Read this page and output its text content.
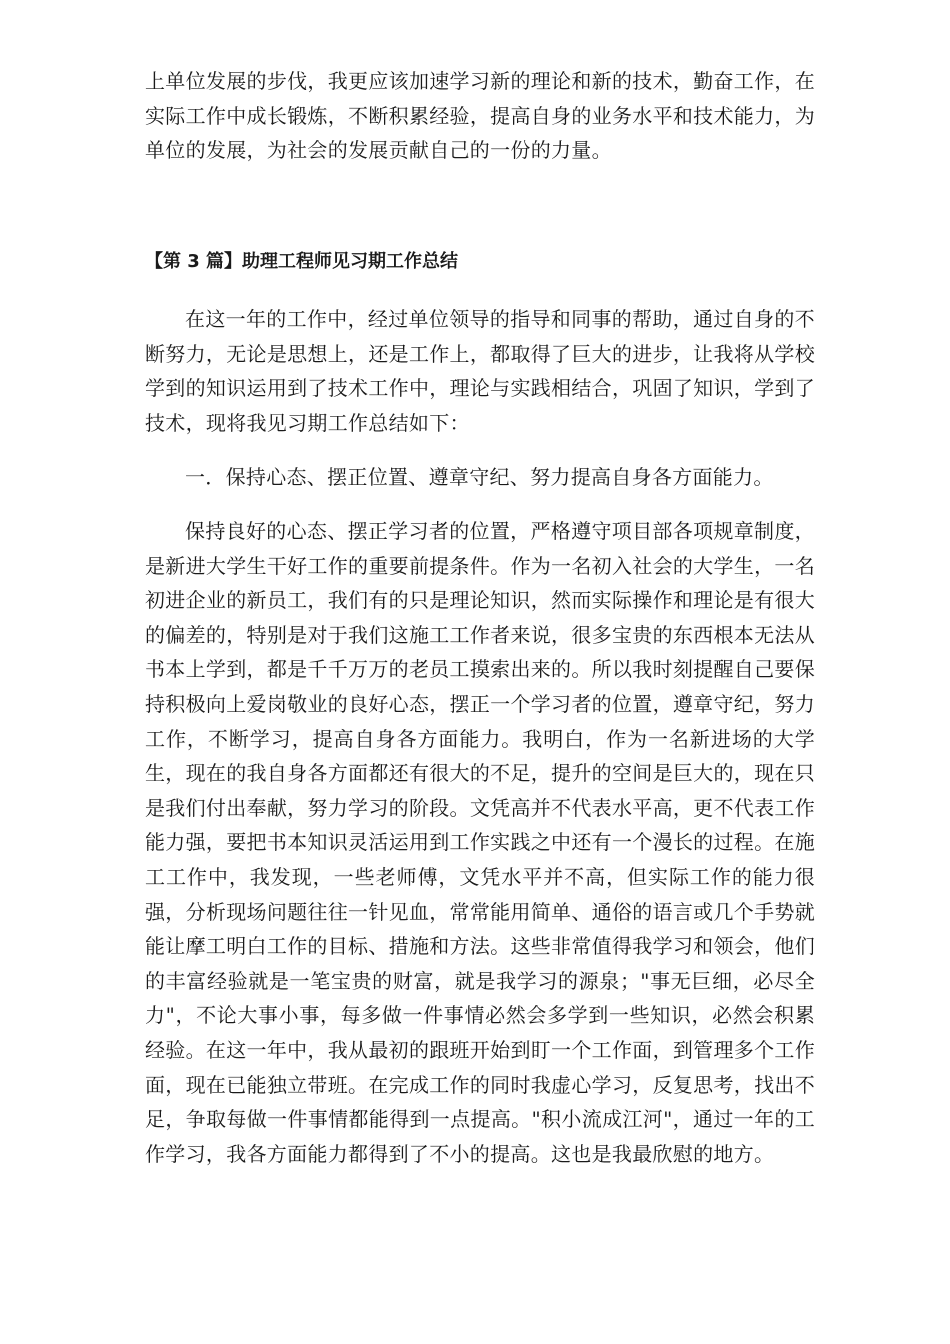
上单位发展的步伐，我更应该加速学习新的理论和新的技术，勤奋工作，在实际工作中成长锻炼，不断积累经验，提高自身的业务水平和技术能力，为单位的发展，为社会的发展贡献自己的一份的力量。

【第 3 篇】助理工程师见习期工作总结

在这一年的工作中，经过单位领导的指导和同事的帮助，通过自身的不断努力，无论是思想上，还是工作上，都取得了巨大的进步，让我将从学校学到的知识运用到了技术工作中，理论与实践相结合，巩固了知识，学到了技术，现将我见习期工作总结如下：

一．保持心态、摆正位置、遵章守纪、努力提高自身各方面能力。

保持良好的心态、摆正学习者的位置，严格遵守项目部各项规章制度，是新进大学生干好工作的重要前提条件。作为一名初入社会的大学生，一名初进企业的新员工，我们有的只是理论知识，然而实际操作和理论是有很大的偏差的，特别是对于我们这施工工作者来说，很多宝贵的东西根本无法从书本上学到，都是千千万万的老员工摸索出来的。所以我时刻提醒自己要保持积极向上爱岗敬业的良好心态，摆正一个学习者的位置，遵章守纪，努力工作，不断学习，提高自身各方面能力。我明白，作为一名新进场的大学生，现在的我自身各方面都还有很大的不足，提升的空间是巨大的，现在只是我们付出奉献，努力学习的阶段。文凭高并不代表水平高，更不代表工作能力强，要把书本知识灵活运用到工作实践之中还有一个漫长的过程。在施工工作中，我发现，一些老师傅，文凭水平并不高，但实际工作的能力很强，分析现场问题往往一针见血，常常能用简单、通俗的语言或几个手势就能让摩工明白工作的目标、措施和方法。这些非常值得我学习和领会，他们的丰富经验就是一笔宝贵的财富，就是我学习的源泉；"事无巨细，必尽全力"，不论大事小事，每多做一件事情必然会多学到一些知识，必然会积累经验。在这一年中，我从最初的跟班开始到盯一个工作面，到管理多个工作面，现在已能独立带班。在完成工作的同时我虚心学习，反复思考，找出不足，争取每做一件事情都能得到一点提高。"积小流成江河"，通过一年的工作学习，我各方面能力都得到了不小的提高。这也是我最欣慰的地方。
